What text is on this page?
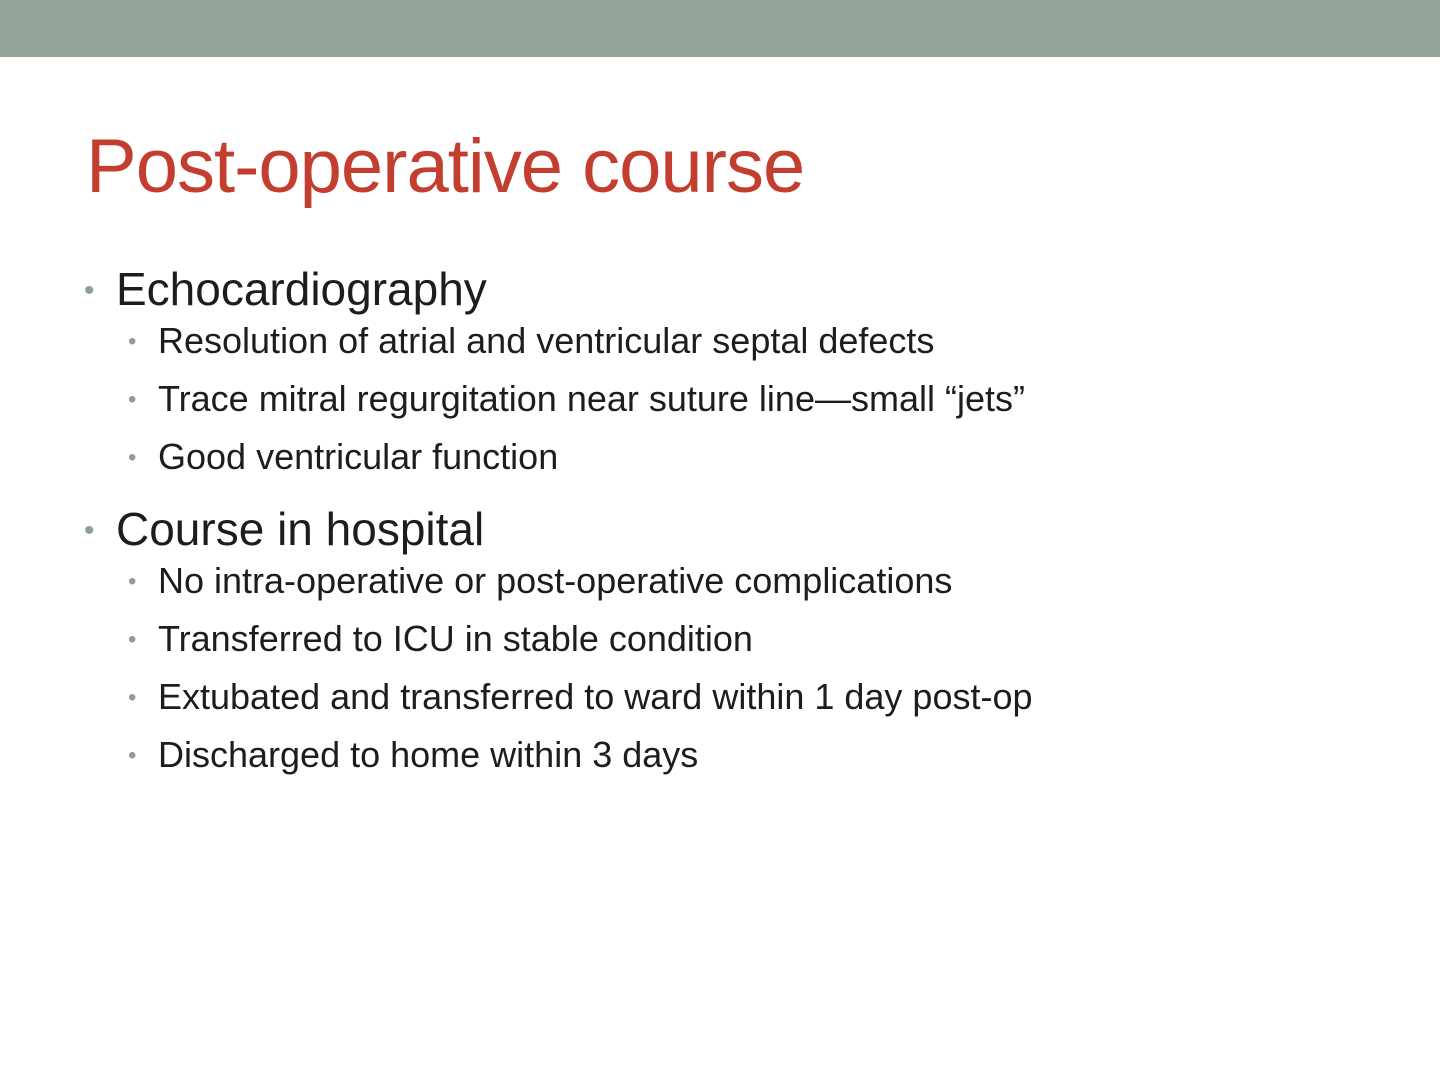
Post-operative course
• Echocardiography
• Resolution of atrial and ventricular septal defects
• Trace mitral regurgitation near suture line—small “jets”
• Good ventricular function
• Course in hospital
• No intra-operative or post-operative complications
• Transferred to ICU in stable condition
• Extubated and transferred to ward within 1 day post-op
• Discharged to home within 3 days
